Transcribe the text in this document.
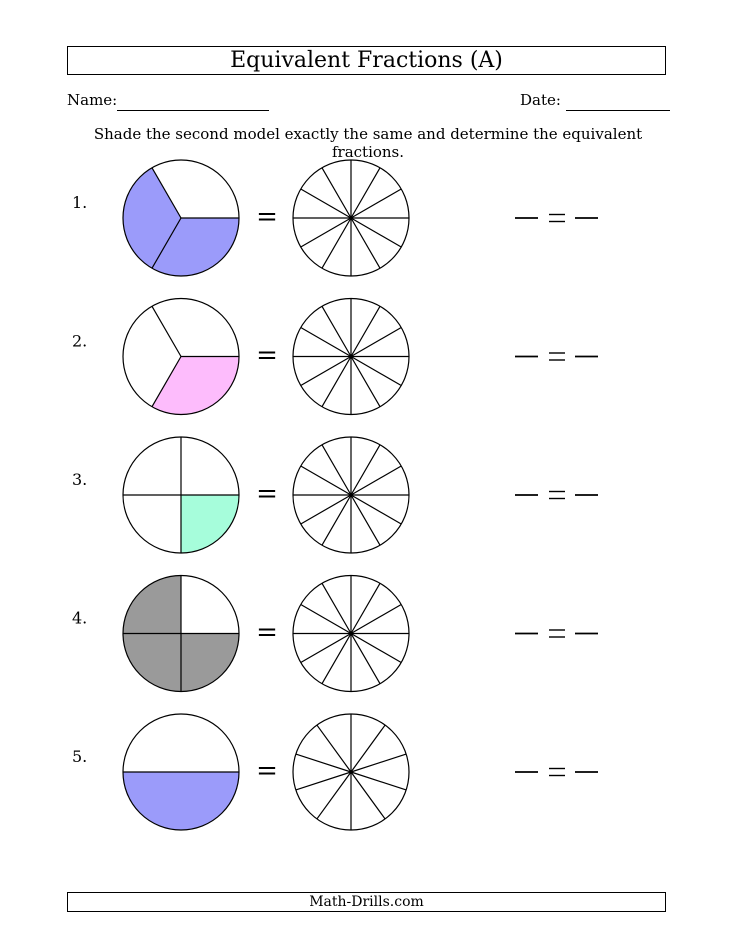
Equivalent Fractions (A)
Name:	Date:
Shade the second model exactly the same and determine the equivalent fractions.
1.	=
2.	=
3.	=
4.	=
5.	=
Math-Drills.com
